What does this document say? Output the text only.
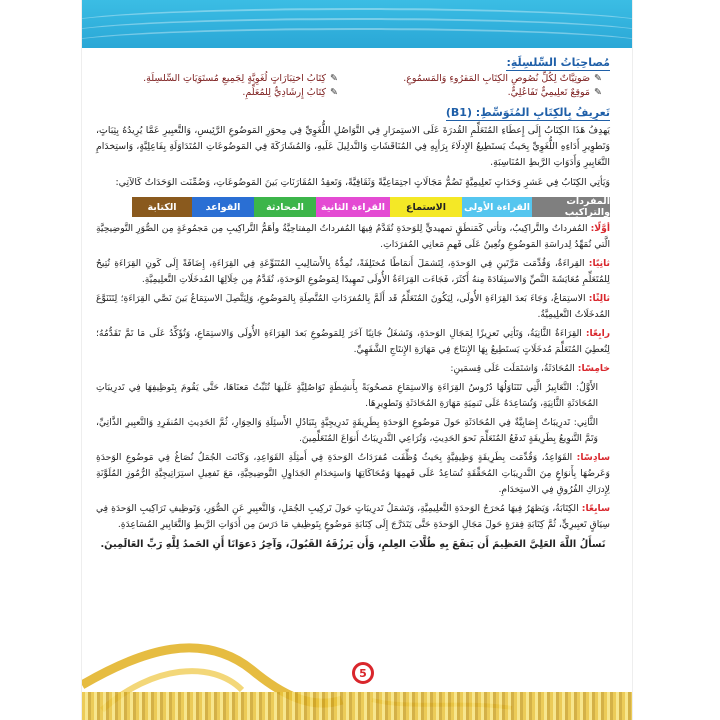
مُصاحِبَاتُ السِّلسِلَةِ:
✎صَوتِيَّاتٌ لِكُلِّ نُصُوصِ الكِتَابِ المَقرُوءِ وَالمَسمُوعِ.
✎كِتَابُ اختِبَارَاتٍ لُغَوِيَّةٍ لِجَمِيعِ مُستَوَيَاتِ السِّلسِلَةِ.
✎مَوقِعٌ تَعلِيمِيٌّ تَفَاعُلِيٌّ.
✎كِتَابُ إِرشَادِيٌّ لِلمُعَلِّمِ.
تَعرِيفُ بِالكِتَابِ المُتَوَسِّطِ: (B1)

يَهدِفُ هَذَا الكِتَابُ إِلَى إِعطَاءِ المُتَعَلِّمِ القُدرَةَ عَلَى الاستِمرَارِ فِي التَّوَاصُلِ اللُّغَوِيِّ فِي مِحوَرِ المَوضُوعِ الرَّئِيسِ، وَالتَّعبِيرِ عَمَّا يُرِيدُهُ بِثِبَاتٍ، وَتَطوِيرِ أَدَاءِهِ اللُّغَوِيِّ بِحَيثُ يَستَطِيعُ الإِدلَاءَ بِرَأيِهِ فِي المُنَاقَشَاتِ وَالتَّدلِيلَ عَلَيهِ، وَالمُشَارَكَةَ فِي المَوضُوعَاتِ المُتَدَاوَلَةِ بِفَاعِلِيَّةٍ، وَاستِخدَامِ التَّعَابِيرِ وَأَدَوَاتِ الرَّبطِ المُنَاسِبَةِ.

وَيَأتِي الكِتَابُ فِي عَشرِ وَحَدَاتٍ تَعلِيمِيَّةٍ تَضُمُّ مَجَالَاتٍ اجتِمَاعِيَّةً وَثَقَافِيَّةً، وَتَعقِدُ المُقَارَنَاتِ بَينَ المَوضُوعَاتِ، وَضُمِّنَت الوَحَدَاتُ كَالآتِي:

المفردات والتراكيب
القراءة الأولى
الاستماع
القراءة الثانية
المحادثة
القواعد
الكتابة
أوَّلًا: المُفرداتُ والتَّراكِيبُ، وتأتي كَمَنطَقٍ تمهيديٍّ لِلوَحدَةِ تُقَدَّمُ فِيهَا المُفرداتُ المِفتاحِيَّةُ وأهَمُّ التَّراكِيبِ مِن مَجمُوعَةٍ مِن الصُّوَرِ التَّوضِيحِيَّةِ الَّتي تُمَهِّدُ لِدراسَةِ المَوضُوعِ وتُعِينُ عَلَى فَهمِ مَعانِي المُفرَدَاتِ.
ثانِيًا: القِراءَةُ، وَقُدِّمَت مَرَّتَينِ فِي الوَحدَةِ، لِتَشمَلَ أَنمَاطًا مُختَلِفَةً، تُمِدُّهُ بِالأَسَالِيبِ المُتَنَوِّعَةِ فِي القِرَاءَةِ، إِضَافَةً إِلَى كَونِ القِرَاءَةِ تُتِيحُ لِلمُتَعَلِّمِ مُعَايَشَةَ النَّصِّ وَالاستِفَادَةَ مِنهُ أَكثَرَ، فَجَاءَت القِرَاءَةُ الأُولَى تَمهِيدًا لِمَوضُوعِ الوَحدَةِ، تُقَدَّمُ مِن خِلَالِهَا المُدخَلَاتِ التَّعلِيمِيَّةِ.
ثالِثًا: الاستِمَاعُ، وَجَاءَ بَعدَ القِرَاءَةِ الأُولَى، لِيَكُونَ المُتَعَلِّمُ قَد أَلَمَّ بِالمُفرَدَاتِ المُتَّصِلَةِ بِالمَوضُوعِ، وَلِيَتَّصِلَ الاستِمَاعُ بَينَ نَصَّي القِرَاءَةِ؛ لِتَتَنَوَّعَ المُدخَلَاتُ التَّعلِيمِيَّةُ.
رابِعًا: القِرَاءَةُ الثَّانِيَةُ، وَتَأتِي تَعزِيزًا لِمَجَالِ الوَحدَةِ، وَتَشغَلُ جَانِبًا آخَرَ لِلمَوضُوعِ بَعدَ القِرَاءَةِ الأُولَى وَالاستِمَاعِ، وَتُؤَكِّدُ عَلَى مَا تَمَّ تَقَدُّمُهُ؛ لِتُعطِيَ المُتَعَلِّمَ مُدخَلَاتٍ يَستَطِيعُ بِهَا الإِنتَاجَ فِي مَهَارَةِ الإِنتَاجِ الشَّفَهِيِّ.
خامِسًا: المُحَادَثَةُ، وَاشتَمَلَت عَلَى قِسمَينِ:
الأَوَّلُ: التَّعَابِيرُ الَّتِي تَتَنَاوَلُهَا دُرُوسُ القِرَاءَةِ وَالاستِمَاعِ مَصحُوبَةً بِأَنشِطَةٍ تَوَاصُلِيَّةٍ عَلَيهَا تُثَبِّتُ مَعنَاهَا، حَتَّى يَقُومَ بِتَوظِيفِهَا فِي تَدرِيبَاتِ المُحَادَثَةِ الثَّانِيَةِ، وَتُسَاعِدَهُ عَلَى تَنمِيَةِ مَهَارَةِ المُحَادَثَةِ وَتَطوِيرِهَا.
الثَّانِي: تَدرِيبَاتٌ إِصَابِيَّةٌ فِي المُحَادَثَةِ حَولَ مَوضُوعِ الوَحدَةِ بِطَرِيقَةٍ تَدرِيجِيَّةٍ بِتَبَادُلِ الأَسئِلَةِ وَالحِوَارِ، ثُمَّ الحَدِيثِ المُنفَرِدِ وَالتَّعبِيرِ الذَّاتِيِّ، وَتَمَّ التَّنوِيعُ بِطَرِيقَةٍ تَدفَعُ المُتَعَلِّمَ نَحوَ الحَدِيثِ، وَتُرَاعِي التَّدرِيبَاتُ أَنوَاعَ المُتَعَلِّمِينَ.
سادِسًا: القَوَاعِدُ، وَقُدِّمَت بِطَرِيقَةٍ وَظِيفِيَّةٍ بِحَيثُ وُظِّفَت مُفرَدَاتُ الوَحدَةِ فِي أَمثِلَةِ القَوَاعِدِ، وَكَانَت الجُمَلُ تُصَاغُ فِي مَوضُوعِ الوَحدَةِ وَعَرضُهَا بِأَنوَاعٍ مِنَ التَّدرِيبَاتِ المُحَقِّقَةِ تُسَاعِدُ عَلَى فَهمِهَا وَمُحَاكَاتِهَا وَاستِخدَامِ الجَدَاوِلِ التَّوضِيحِيَّةِ، مَعَ تَفعِيلِ استِرَاتِيجِيَّةِ الرُّمُوزِ المُلَوَّنَةِ لِإِدرَاكِ الفُرُوقِ فِي الاستِخدَامِ.
سابِعًا: الكِتَابَةُ، وَيَظهَرُ فِيهَا مُخرَجُ الوَحدَةِ التَّعلِيمِيَّةِ، وَتَشمَلُ تَدرِيبَاتٍ حَولَ تَركِيبِ الجُمَلِ، وَالتَّعبِيرِ عَنِ الصُّوَرِ، وَتَوظِيفِ تَرَاكِيبِ الوَحدَةِ فِي سِيَاقٍ تَعبِيرِيٍّ، ثُمَّ كِتَابَةِ فِقرَةٍ حَولَ مَجَالِ الوَحدَةِ حَتَّى يَتَدَرَّجَ إِلَى كِتَابَةِ مَوضُوعٍ بِتَوظِيفِ مَا دَرَسَ مِن أَدَوَاتِ الرَّبطِ وَالتَّعَابِيرِ المُسَاعِدَةِ.
نَسأَلُ اللَّهَ العَلِيَّ العَظِيمَ أَن يَنفَعَ بِهِ طُلَّابَ العِلمِ، وَأَن يَرزُقَهُ القَبُولَ، وَآخِرُ دَعوَانَا أَنِ الحَمدُ لِلَّهِ رَبِّ العَالَمِينَ.
5
